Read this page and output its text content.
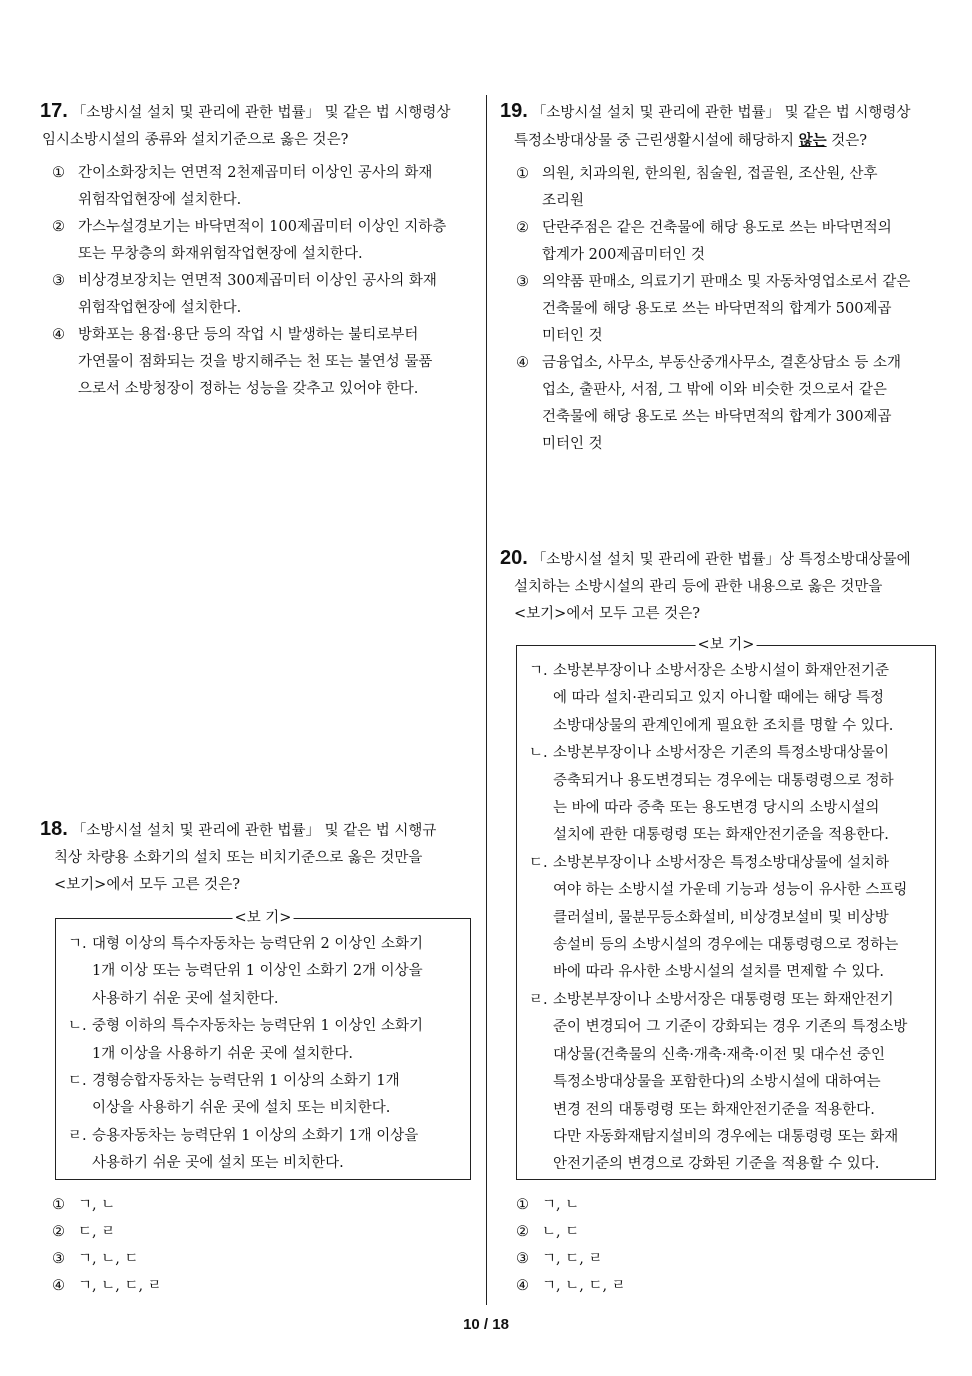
17. 「소방시설 설치 및 관리에 관한 법률」 및 같은 법 시행령상
임시소방시설의 종류와 설치기준으로 옳은 것은?
① 간이소화장치는 연면적 2천제곱미터 이상인 공사의 화재
위험작업현장에 설치한다.
② 가스누설경보기는 바닥면적이 100제곱미터 이상인 지하층
또는 무창층의 화재위험작업현장에 설치한다.
③ 비상경보장치는 연면적 300제곱미터 이상인 공사의 화재
위험작업현장에 설치한다.
④ 방화포는 용접·용단 등의 작업 시 발생하는 불티로부터
가연물이 점화되는 것을 방지해주는 천 또는 불연성 물품
으로서 소방청장이 정하는 성능을 갖추고 있어야 한다.
18. 「소방시설 설치 및 관리에 관한 법률」 및 같은 법 시행규
칙상 차량용 소화기의 설치 또는 비치기준으로 옳은 것만을
<보기>에서 모두 고른 것은?
<보 기>
ㄱ. 대형 이상의 특수자동차는 능력단위 2 이상인 소화기
1개 이상 또는 능력단위 1 이상인 소화기 2개 이상을
사용하기 쉬운 곳에 설치한다.
ㄴ. 중형 이하의 특수자동차는 능력단위 1 이상인 소화기
1개 이상을 사용하기 쉬운 곳에 설치한다.
ㄷ. 경형승합자동차는 능력단위 1 이상의 소화기 1개
이상을 사용하기 쉬운 곳에 설치 또는 비치한다.
ㄹ. 승용자동차는 능력단위 1 이상의 소화기 1개 이상을
사용하기 쉬운 곳에 설치 또는 비치한다.
① ㄱ, ㄴ
② ㄷ, ㄹ
③ ㄱ, ㄴ, ㄷ
④ ㄱ, ㄴ, ㄷ, ㄹ
19. 「소방시설 설치 및 관리에 관한 법률」 및 같은 법 시행령상
특정소방대상물 중 근린생활시설에 해당하지 않는 것은?
① 의원, 치과의원, 한의원, 침술원, 접골원, 조산원, 산후
조리원
② 단란주점은 같은 건축물에 해당 용도로 쓰는 바닥면적의
합계가 200제곱미터인 것
③ 의약품 판매소, 의료기기 판매소 및 자동차영업소로서 같은
건축물에 해당 용도로 쓰는 바닥면적의 합계가 500제곱
미터인 것
④ 금융업소, 사무소, 부동산중개사무소, 결혼상담소 등 소개
업소, 출판사, 서점, 그 밖에 이와 비슷한 것으로서 같은
건축물에 해당 용도로 쓰는 바닥면적의 합계가 300제곱
미터인 것
20. 「소방시설 설치 및 관리에 관한 법률」상 특정소방대상물에
설치하는 소방시설의 관리 등에 관한 내용으로 옳은 것만을
<보기>에서 모두 고른 것은?
<보 기>
ㄱ. 소방본부장이나 소방서장은 소방시설이 화재안전기준
에 따라 설치·관리되고 있지 아니할 때에는 해당 특정
소방대상물의 관계인에게 필요한 조치를 명할 수 있다.
ㄴ. 소방본부장이나 소방서장은 기존의 특정소방대상물이
증축되거나 용도변경되는 경우에는 대통령령으로 정하
는 바에 따라 증축 또는 용도변경 당시의 소방시설의
설치에 관한 대통령령 또는 화재안전기준을 적용한다.
ㄷ. 소방본부장이나 소방서장은 특정소방대상물에 설치하
여야 하는 소방시설 가운데 기능과 성능이 유사한 스프링
클러설비, 물분무등소화설비, 비상경보설비 및 비상방
송설비 등의 소방시설의 경우에는 대통령령으로 정하는
바에 따라 유사한 소방시설의 설치를 면제할 수 있다.
ㄹ. 소방본부장이나 소방서장은 대통령령 또는 화재안전기
준이 변경되어 그 기준이 강화되는 경우 기존의 특정소방
대상물(건축물의 신축·개축·재축·이전 및 대수선 중인
특정소방대상물을 포함한다)의 소방시설에 대하여는
변경 전의 대통령령 또는 화재안전기준을 적용한다.
다만 자동화재탐지설비의 경우에는 대통령령 또는 화재
안전기준의 변경으로 강화된 기준을 적용할 수 있다.
① ㄱ, ㄴ
② ㄴ, ㄷ
③ ㄱ, ㄷ, ㄹ
④ ㄱ, ㄴ, ㄷ, ㄹ
10 / 18
